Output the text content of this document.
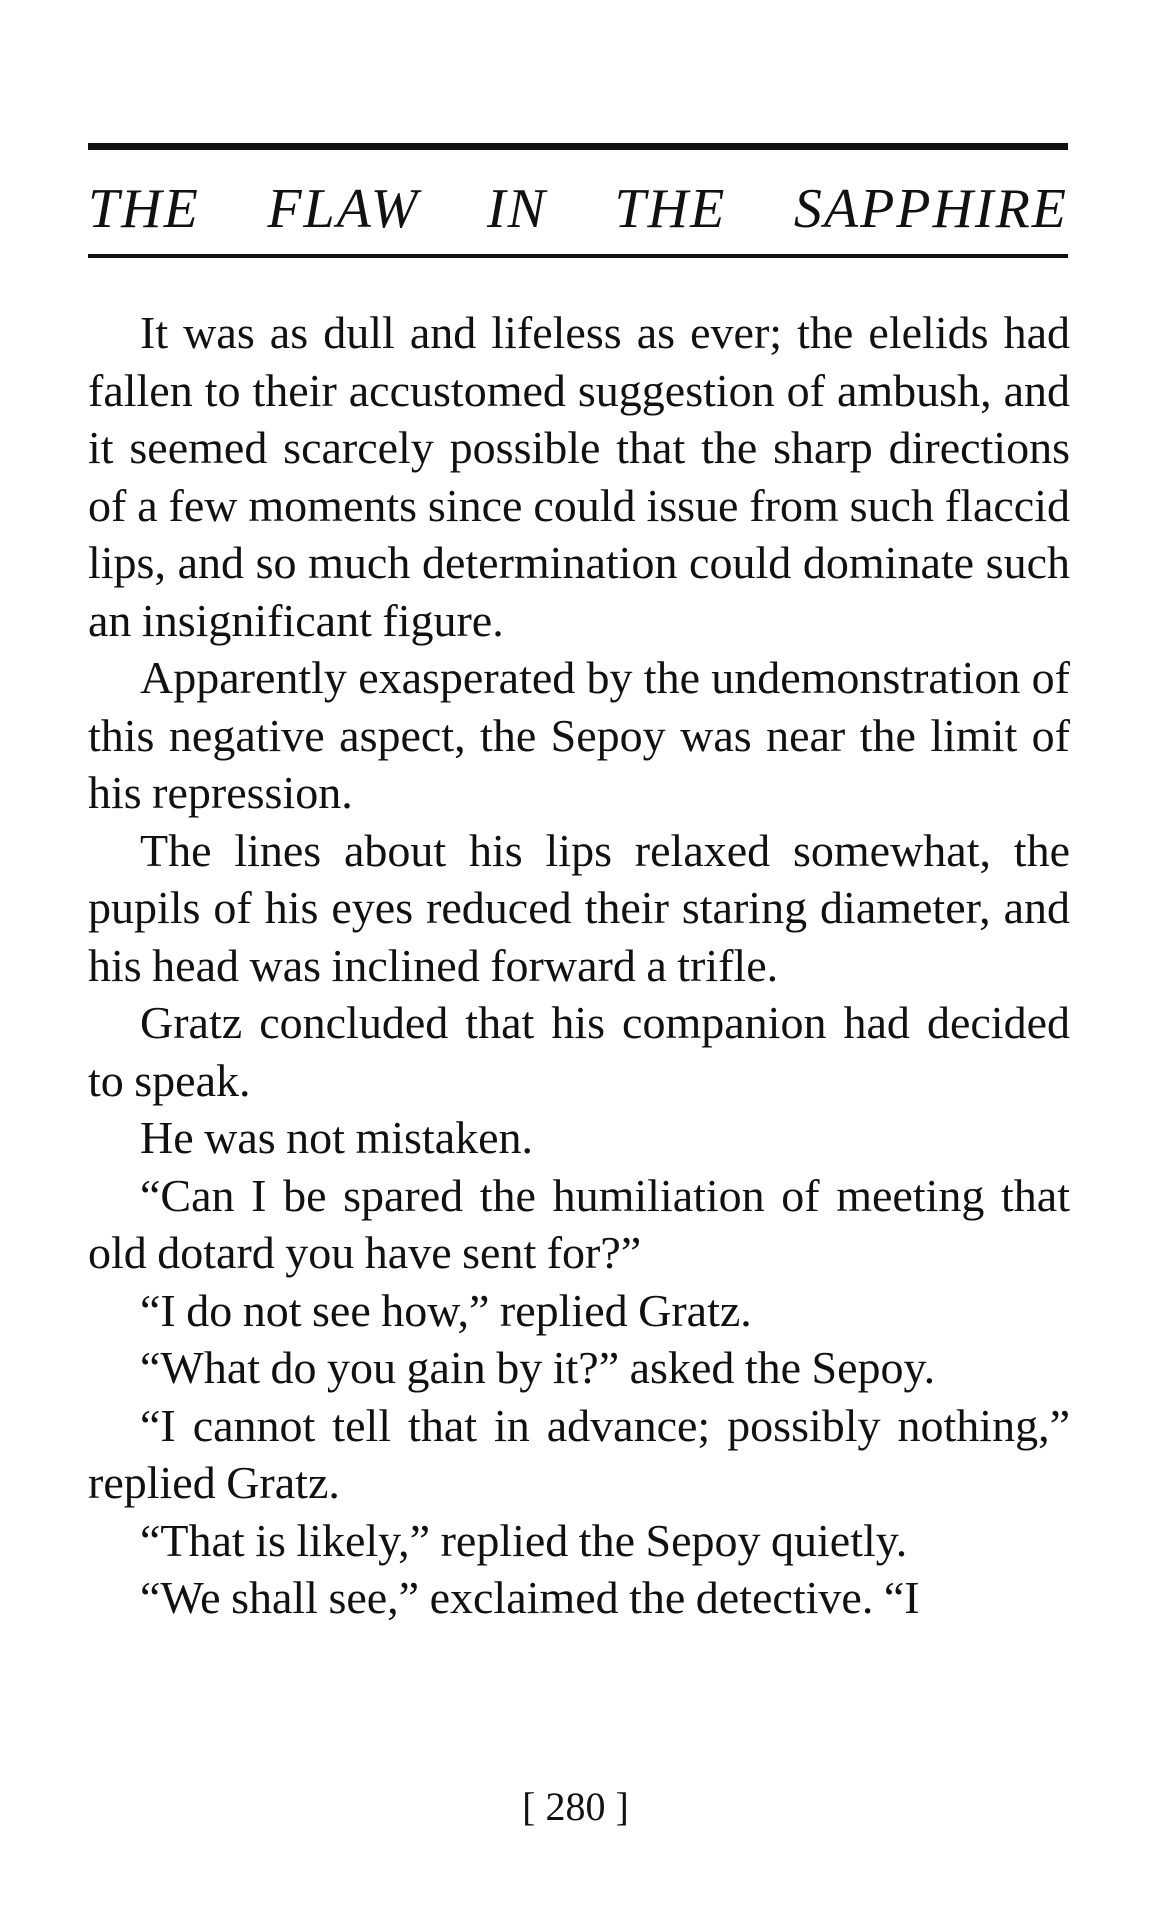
THE FLAW IN THE SAPPHIRE

It was as dull and lifeless as ever; the elelids had fallen to their accustomed suggestion of ambush, and it seemed scarcely possible that the sharp directions of a few moments since could issue from such flaccid lips, and so much determination could dominate such an insignificant figure.

Apparently exasperated by the undemonstration of this negative aspect, the Sepoy was near the limit of his repression.

The lines about his lips relaxed somewhat, the pupils of his eyes reduced their staring diameter, and his head was inclined forward a trifle.

Gratz concluded that his companion had decided to speak.

He was not mistaken.

“Can I be spared the humiliation of meeting that old dotard you have sent for?”

“I do not see how,” replied Gratz.

“What do you gain by it?” asked the Sepoy.

“I cannot tell that in advance; possibly nothing,” replied Gratz.

“That is likely,” replied the Sepoy quietly.

“We shall see,” exclaimed the detective. “I

[ 280 ]
